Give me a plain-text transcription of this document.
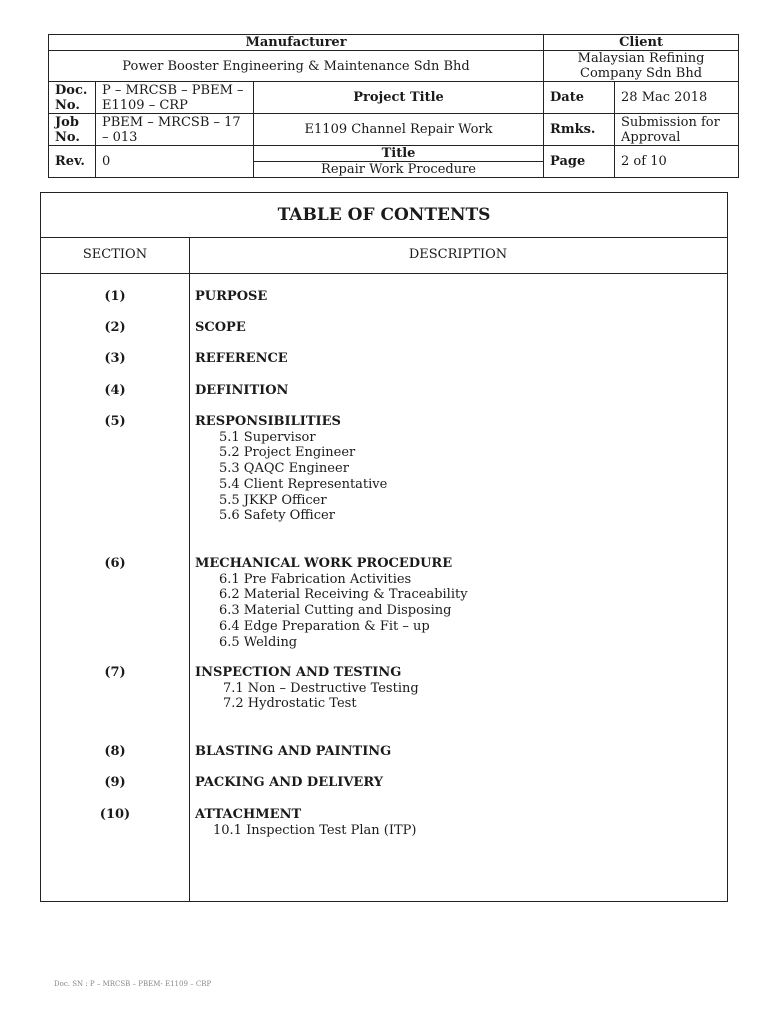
Manufacturer			Client	
Power Booster Engineering & Maintenance Sdn Bhd			Malaysian Refining Company Sdn Bhd	
Doc. No.	P – MRCSB – PBEM – E1109 – CRP	Project Title	Date	28 Mac 2018
Job No.	PBEM – MRCSB – 17 – 013	E1109 Channel Repair Work	Rmks.	Submission for Approval
Rev.	0	Title	Page	2 of 10
		Repair Work Procedure		
TABLE OF CONTENTS
SECTION	DESCRIPTION
(1)	PURPOSE
(2)	SCOPE
(3)	REFERENCE
(4)	DEFINITION
(5)	RESPONSIBILITIES
5.1 Supervisor
5.2 Project Engineer
5.3 QAQC Engineer
5.4 Client Representative
5.5 JKKP Officer
5.6 Safety Officer
(6)	MECHANICAL WORK PROCEDURE
6.1 Pre Fabrication Activities
6.2 Material Receiving & Traceability
6.3 Material Cutting and Disposing
6.4 Edge Preparation & Fit – up
6.5 Welding
(7)	INSPECTION AND TESTING
7.1 Non – Destructive Testing
7.2 Hydrostatic Test
(8)	BLASTING AND PAINTING
(9)	PACKING AND DELIVERY
(10)	ATTACHMENT
10.1 Inspection Test Plan (ITP)
Doc. SN : P – MRCSB – PBEM- E1109 – CRP
